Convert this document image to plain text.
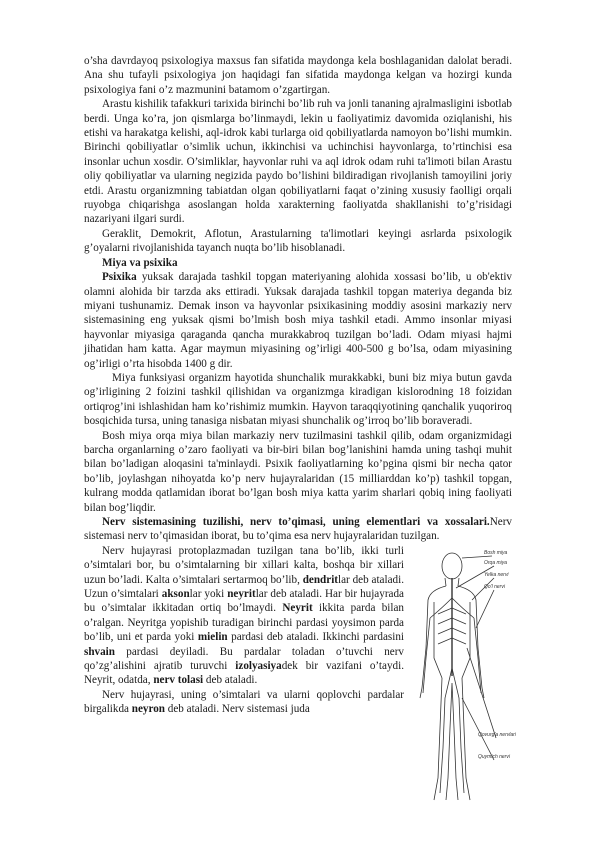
o’sha davrdayoq psixologiya maxsus fan sifatida maydonga kela boshlaganidan dalolat beradi. Ana shu tufayli psixologiya jon haqidagi fan sifatida maydonga kelgan va hozirgi kunda psixologiya fani o’z mazmunini batamom o’zgartirgan.

Arastu kishilik tafakkuri tarixida birinchi bo’lib ruh va jonli tananing ajralmasligini isbotlab berdi. Unga ko’ra, jon qismlarga bo’linmaydi, lekin u faoliyatimiz davomida oziqlanishi, his etishi va harakatga kelishi, aql-idrok kabi turlarga oid qobiliyatlarda namoyon bo’lishi mumkin. Birinchi qobiliyatlar o’simlik uchun, ikkinchisi va uchinchisi hayvonlarga, to’rtinchisi esa insonlar uchun xosdir. O’simliklar, hayvonlar ruhi va aql idrok odam ruhi ta'limoti bilan Arastu oliy qobiliyatlar va ularning negizida paydo bo’lishini bildiradigan rivojlanish tamoyilini joriy etdi. Arastu organizmning tabiatdan olgan qobiliyatlarni faqat o’zining xususiy faolligi orqali ruyobga chiqarishga asoslangan holda xarakterning faoliyatda shakllanishi to’g’risidagi nazariyani ilgari surdi.

Geraklit, Demokrit, Aflotun, Arastularning ta'limotlari keyingi asrlarda psixologik g’oyalarni rivojlanishida tayanch nuqta bo’lib hisoblanadi.

Miya va psixika

Psixika yuksak darajada tashkil topgan materiyaning alohida xossasi bo’lib, u ob'ektiv olamni alohida bir tarzda aks ettiradi. Yuksak darajada tashkil topgan materiya deganda biz miyani tushunamiz. Demak inson va hayvonlar psixikasining moddiy asosini markaziy nerv sistemasining eng yuksak qismi bo’lmish bosh miya tashkil etadi. Ammo insonlar miyasi hayvonlar miyasiga qaraganda qancha murakkabroq tuzilgan bo’ladi. Odam miyasi hajmi jihatidan ham katta. Agar maymun miyasining og’irligi 400-500 g bo’lsa, odam miyasining og’irligi o’rta hisobda 1400 g dir.

Miya funksiyasi organizm hayotida shunchalik murakkabki, buni biz miya butun gavda og’irligining 2 foizini tashkil qilishidan va organizmga kiradigan kislorodning 18 foizidan ortiqrog’ini ishlashidan ham ko’rishimiz mumkin. Hayvon taraqqiyotining qanchalik yuqoriroq bosqichida tursa, uning tanasiga nisbatan miyasi shunchalik og’irroq bo’lib boraveradi.

Bosh miya orqa miya bilan markaziy nerv tuzilmasini tashkil qilib, odam organizmidagi barcha organlarning o’zaro faoliyati va bir-biri bilan bog’lanishini hamda uning tashqi muhit bilan bo’ladigan aloqasini ta'minlaydi. Psixik faoliyatlarning ko’pgina qismi bir necha qator bo’lib, joylashgan nihoyatda ko’p nerv hujayralaridan (15 milliarddan ko’p) tashkil topgan, kulrang modda qatlamidan iborat bo’lgan bosh miya katta yarim sharlari qobiq ining faoliyati bilan bog’liqdir.

Nerv sistemasining tuzilishi, nerv to’qimasi, uning elementlari va xossalari.Nerv sistemasi nerv to’qimasidan iborat, bu to’qima esa nerv hujayralaridan tuzilgan.

Bosh miya
Orqa miya
Yelka nervi
Qo'l nervi
Qovurg'a nervlari
Quymich nervi

Nerv hujayrasi protoplazmadan tuzilgan tana bo’lib, ikki turli o’simtalari bor, bu o’simtalarning bir xillari kalta, boshqa bir xillari uzun bo’ladi. Kalta o’simtalari sertarmoq bo’lib, dendritlar deb ataladi. Uzun o’simtalari aksonlar yoki neyritlar deb ataladi. Har bir hujayrada bu o’simtalar ikkitadan ortiq bo’lmaydi. Neyrit ikkita parda bilan o’ralgan. Neyritga yopishib turadigan birinchi pardasi yoysimon parda bo’lib, uni et parda yoki mielin pardasi deb ataladi. Ikkinchi pardasini shvain pardasi deyiladi. Bu pardalar toladan o’tuvchi nerv qo’zg’alishini ajratib turuvchi izolyasiyadek bir vazifani o’taydi. Neyrit, odatda, nerv tolasi deb ataladi.

Nerv hujayrasi, uning o’simtalari va ularni qoplovchi pardalar birgalikda neyron deb ataladi. Nerv sistemasi juda
